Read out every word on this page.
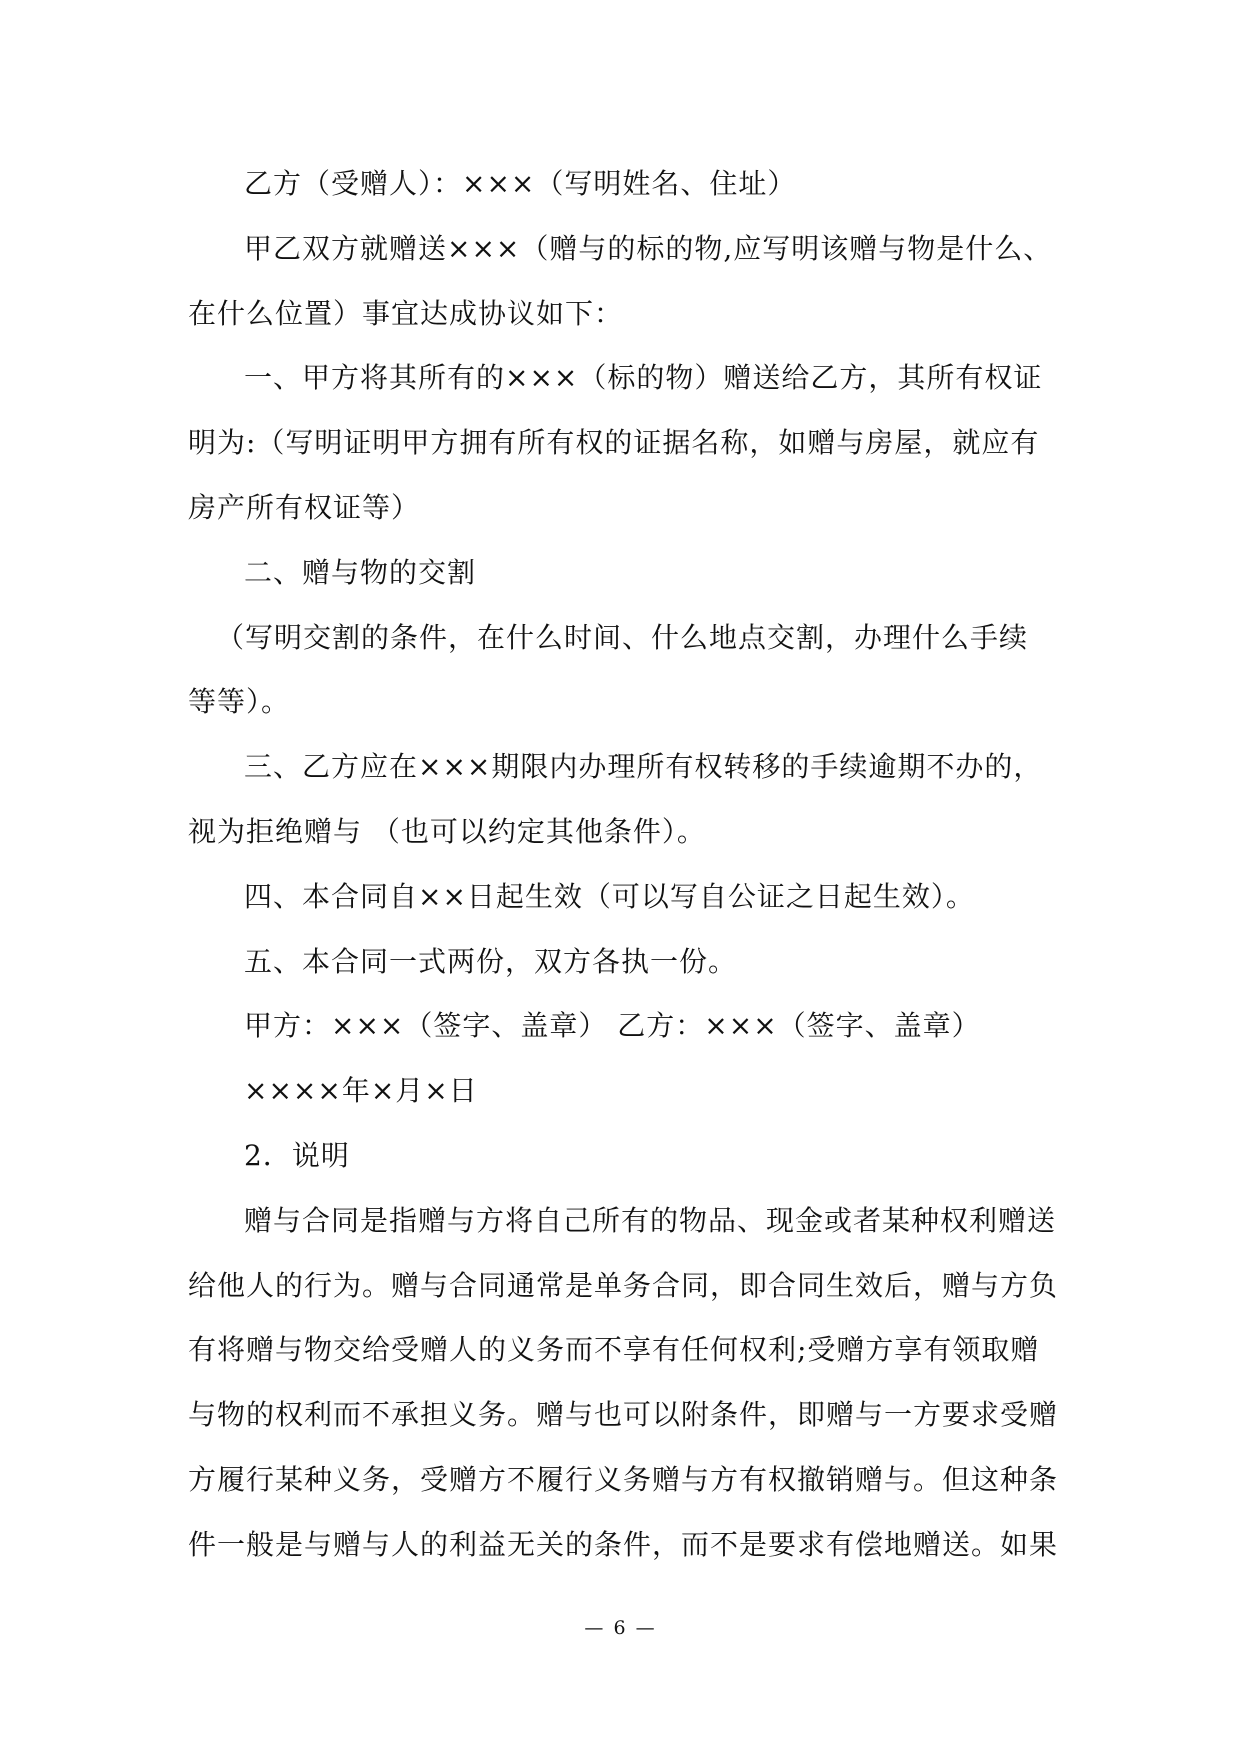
乙方（受赠人）：×××（写明姓名、住址）
甲乙双方就赠送×××（赠与的标的物,应写明该赠与物是什么、
在什么位置）事宜达成协议如下：
一、甲方将其所有的×××（标的物）赠送给乙方，其所有权证
明为:（写明证明甲方拥有所有权的证据名称，如赠与房屋，就应有
房产所有权证等）
二、赠与物的交割
（写明交割的条件，在什么时间、什么地点交割，办理什么手续
等等）。
三、乙方应在×××期限内办理所有权转移的手续逾期不办的，
视为拒绝赠与 （也可以约定其他条件）。
四、本合同自××日起生效（可以写自公证之日起生效）。
五、本合同一式两份，双方各执一份。
甲方：×××（签字、盖章） 乙方：×××（签字、盖章）
××××年×月×日
2．说明
赠与合同是指赠与方将自己所有的物品、现金或者某种权利赠送
给他人的行为。赠与合同通常是单务合同，即合同生效后，赠与方负
有将赠与物交给受赠人的义务而不享有任何权利;受赠方享有领取赠
与物的权利而不承担义务。赠与也可以附条件，即赠与一方要求受赠
方履行某种义务，受赠方不履行义务赠与方有权撤销赠与。但这种条
件一般是与赠与人的利益无关的条件，而不是要求有偿地赠送。如果
— 6 —
